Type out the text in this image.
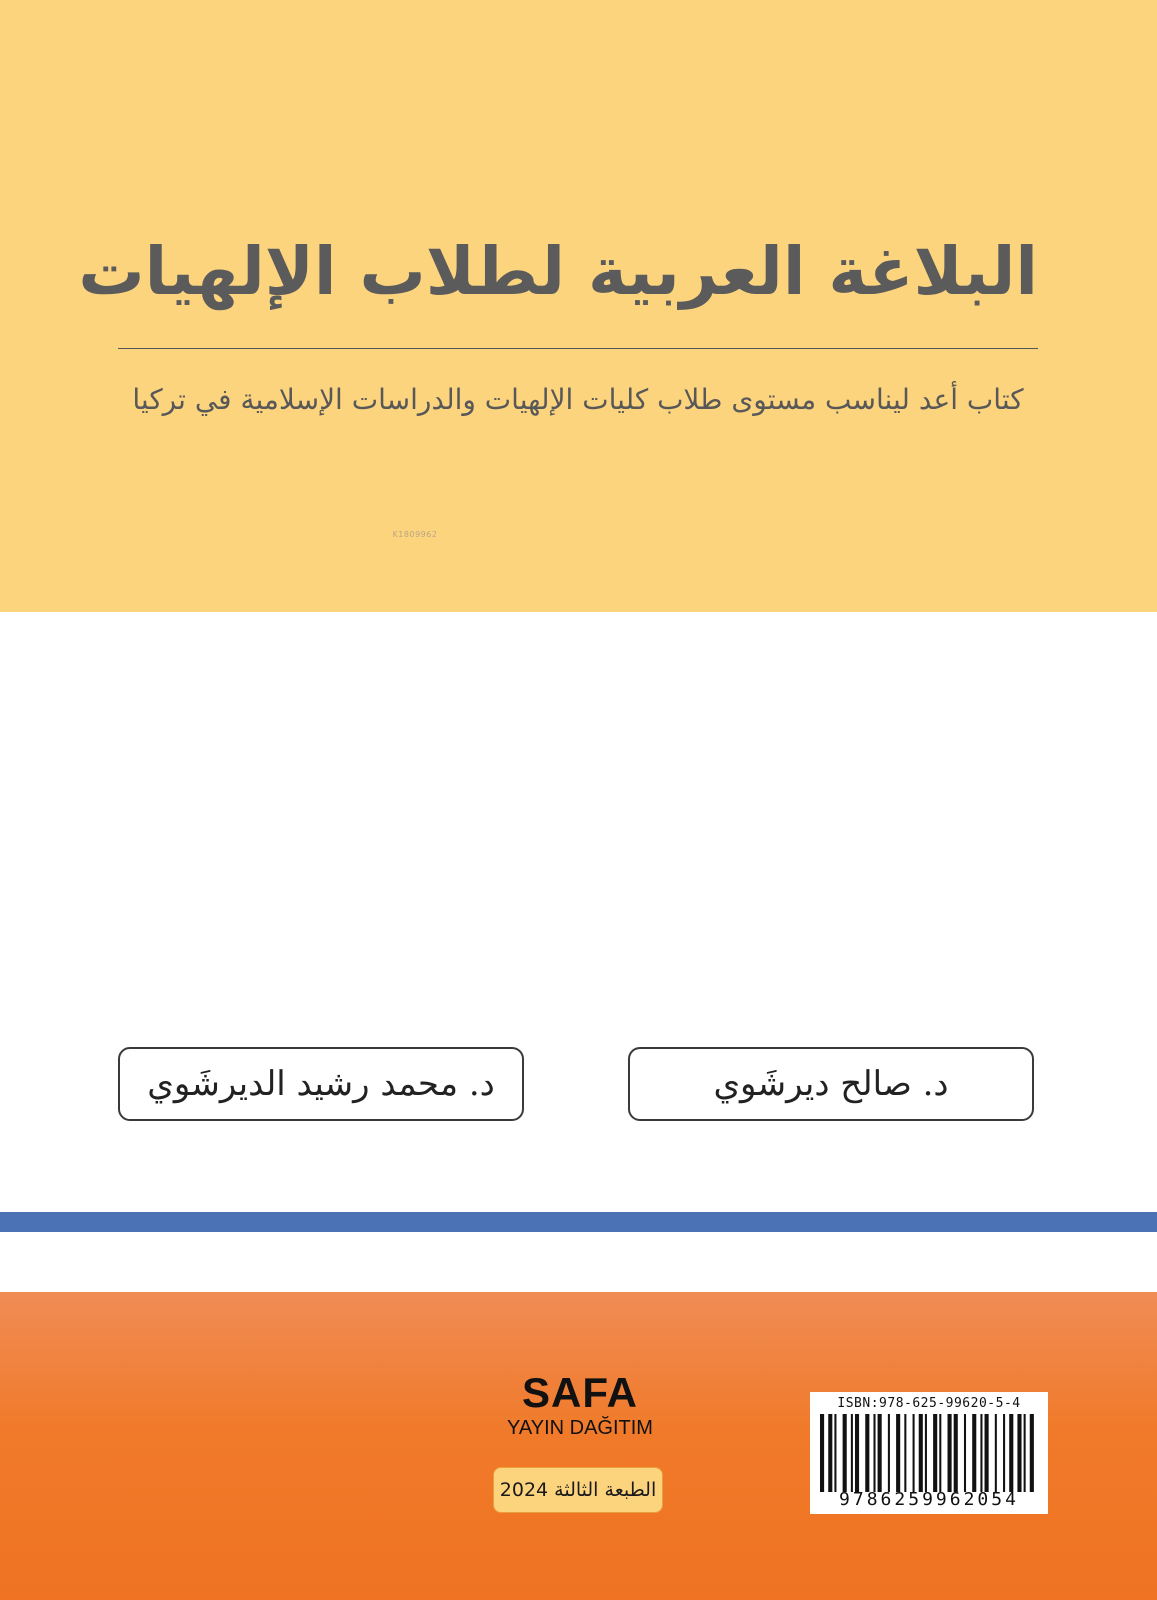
البلاغة العربية لطلاب الإلهيات

كتاب أعد ليناسب مستوى طلاب كليات الإلهيات والدراسات الإسلامية في تركيا

K1809962
د. محمد رشيد الديرشَوي	د. صالح ديرشَوي
SAFA
YAYIN DAĞITIM
الطبعة الثالثة 2024
ISBN:978-625-99620-5-4
9786259962054
